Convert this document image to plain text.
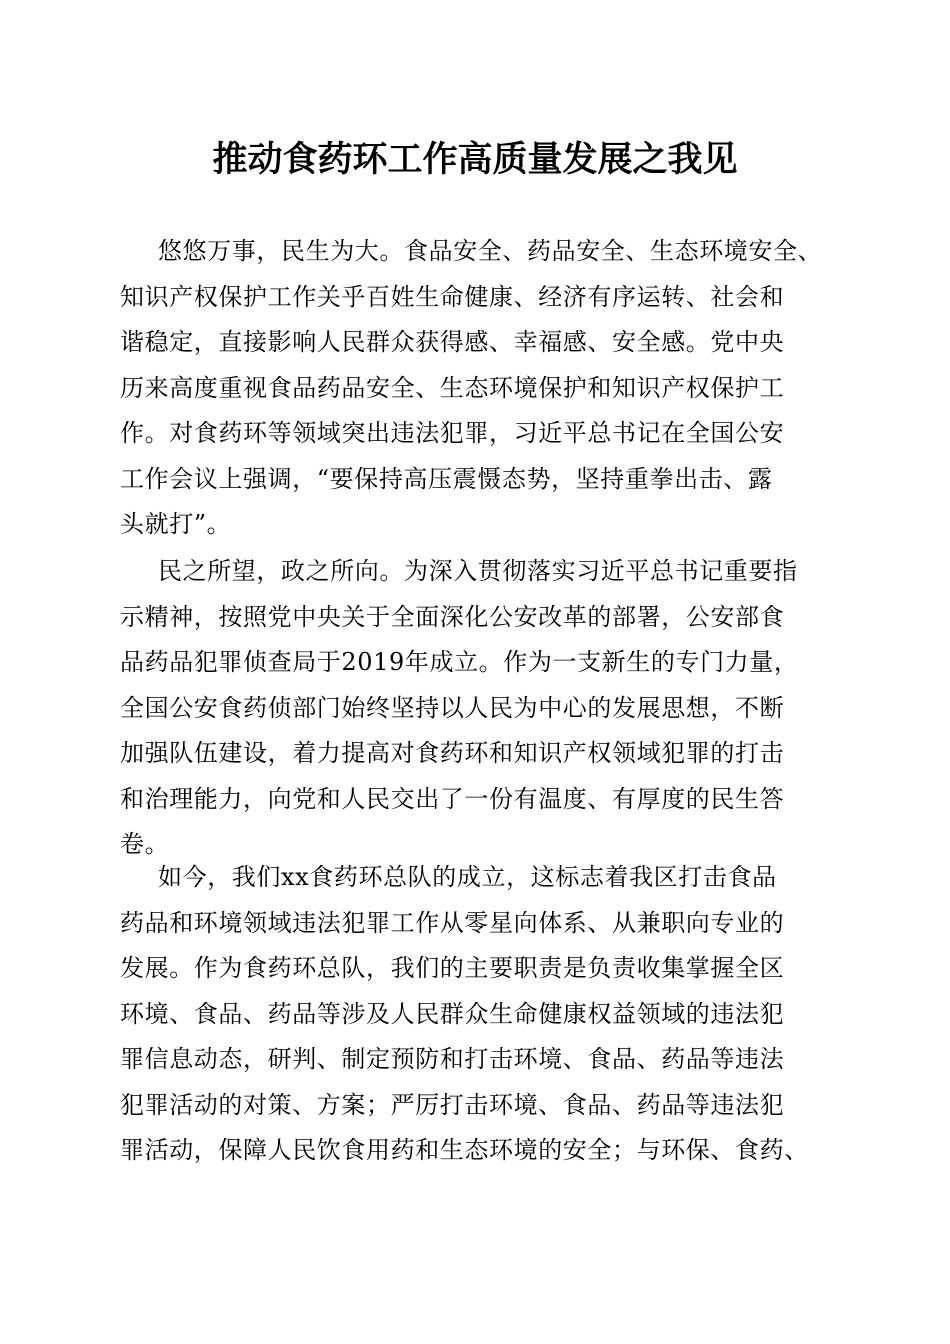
推动食药环工作高质量发展之我见
悠悠万事，民生为大。食品安全、药品安全、生态环境安全、
知识产权保护工作关乎百姓生命健康、经济有序运转、社会和
谐稳定，直接影响人民群众获得感、幸福感、安全感。党中央
历来高度重视食品药品安全、生态环境保护和知识产权保护工
作。对食药环等领域突出违法犯罪，习近平总书记在全国公安
工作会议上强调，“要保持高压震慑态势，坚持重拳出击、露
头就打”。
民之所望，政之所向。为深入贯彻落实习近平总书记重要指
示精神，按照党中央关于全面深化公安改革的部署，公安部食
品药品犯罪侦查局于2019年成立。作为一支新生的专门力量，
全国公安食药侦部门始终坚持以人民为中心的发展思想，不断
加强队伍建设，着力提高对食药环和知识产权领域犯罪的打击
和治理能力，向党和人民交出了一份有温度、有厚度的民生答
卷。
如今，我们xx食药环总队的成立，这标志着我区打击食品
药品和环境领域违法犯罪工作从零星向体系、从兼职向专业的
发展。作为食药环总队，我们的主要职责是负责收集掌握全区
环境、食品、药品等涉及人民群众生命健康权益领域的违法犯
罪信息动态，研判、制定预防和打击环境、食品、药品等违法
犯罪活动的对策、方案；严厉打击环境、食品、药品等违法犯
罪活动，保障人民饮食用药和生态环境的安全；与环保、食药、
